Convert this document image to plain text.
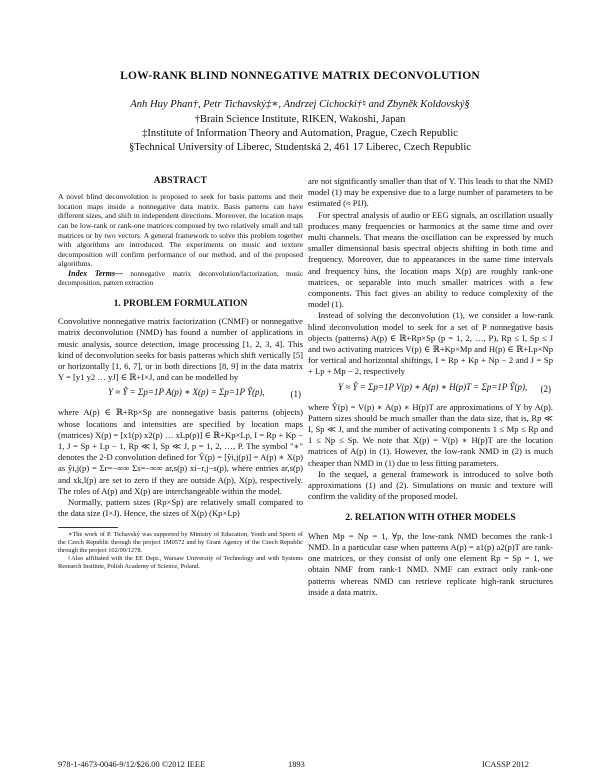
LOW-RANK BLIND NONNEGATIVE MATRIX DECONVOLUTION
Anh Huy Phan†, Petr Tichavský‡∗, Andrzej Cichocki†♮ and Zbyněk Koldovský§
†Brain Science Institute, RIKEN, Wakoshi, Japan
‡Institute of Information Theory and Automation, Prague, Czech Republic
§Technical University of Liberec, Studentská 2, 461 17 Liberec, Czech Republic
ABSTRACT

A novel blind deconvolution is proposed to seek for basis patterns and their location maps inside a nonnegative data matrix. Basis patterns can have different sizes, and shift in independent directions. Moreover, the location maps can be low-rank or rank-one matrices composed by two relatively small and tall matrices or by two vectors. A general framework to solve this problem together with algorithms are introduced. The experiments on music and texture decomposition will confirm performance of our method, and of the proposed algorithms.

Index Terms— nonnegative matrix deconvolution/factorization, music decomposition, pattern extraction

1. PROBLEM FORMULATION

Convolutive nonnegative matrix factorization (CNMF) or nonnegative matrix deconvolution (NMD) has found a number of applications in music analysis, source detection, image processing [1, 2, 3, 4]. This kind of deconvolution seeks for basis patterns which shift vertically [5] or horizontally [1, 6, 7], or in both directions [8, 9] in the data matrix Y = [y1 y2 … yJ] ∈ ℝ+I×J, and can be modelled by

Y ≈ Ŷ = Σp=1P A(p) ∗ X(p) = Σp=1P Ŷ(p),	(1)

where A(p) ∈ ℝ+Rp×Sp are nonnegative basis patterns (objects) whose locations and intensities are specified by location maps (matrices) X(p) = [x1(p) x2(p) … xLp(p)] ∈ ℝ+Kp×Lp, I = Rp + Kp − 1, J = Sp + Lp − 1, Rp ≪ I, Sp ≪ J, p = 1, 2, …, P. The symbol "∗" denotes the 2-D convolution defined for Ŷ(p) = [ŷi,j(p)] = A(p) ∗ X(p) as ŷi,j(p) = Σr=−∞∞ Σs=−∞∞ ar,s(p) xi−r,j−s(p), where entries ar,s(p) and xk,l(p) are set to zero if they are outside A(p), X(p), respectively. The roles of A(p) and X(p) are interchangeable within the model.

Normally, pattern sizes (Rp×Sp) are relatively small compared to the data size (I×J). Hence, the sizes of X(p) (Kp×Lp)

∗The work of P. Tichavský was supported by Ministry of Education, Youth and Sports of the Czech Republic through the project 1M0572 and by Grant Agency of the Czech Republic through the project 102/09/1278.

♮Also affiliated with the EE Dept., Warsaw University of Technology and with Systems Research Institute, Polish Academy of Science, Poland.

are not significantly smaller than that of Y. This leads to that the NMD model (1) may be expensive due to a large number of parameters to be estimated (≈ PIJ).

For spectral analysis of audio or EEG signals, an oscillation usually produces many frequencies or harmonics at the same time and over multi channels. That means the oscillation can be expressed by much smaller dimensional basis spectral objects shifting in both time and frequency. Moreover, due to appearances in the same time intervals and frequency bins, the location maps X(p) are roughly rank-one matrices, or separable into much smaller matrices with a few components. This fact gives an ability to reduce complexity of the model (1).

Instead of solving the deconvolution (1), we consider a low-rank blind deconvolution model to seek for a set of P nonnegative basis objects (patterns) A(p) ∈ ℝ+Rp×Sp (p = 1, 2, …, P), Rp ≤ I, Sp ≤ J and two activating matrices V(p) ∈ ℝ+Kp×Mp and H(p) ∈ ℝ+Lp×Np for vertical and horizontal shiftings, I = Rp + Kp + Np − 2 and J = Sp + Lp + Mp − 2, respectively

Y ≈ Ŷ = Σp=1P V(p) ∗ A(p) ∗ H(p)T = Σp=1P Ŷ(p), (2)

where Ŷ(p) = V(p) ∗ A(p) ∗ H(p)T are approximations of Y by A(p). Pattern sizes should be much smaller than the data size, that is, Rp ≪ I, Sp ≪ J, and the number of activating components 1 ≤ Mp ≤ Rp and 1 ≤ Np ≤ Sp. We note that X(p) = V(p) ∗ H(p)T are the location matrices of A(p) in (1). However, the low-rank NMD in (2) is much cheaper than NMD in (1) due to less fitting parameters.

In the sequel, a general framework is introduced to solve both approximations (1) and (2). Simulations on music and texture will confirm the validity of the proposed model.

2. RELATION WITH OTHER MODELS

When Mp = Np = 1, ∀p, the low-rank NMD becomes the rank-1 NMD. In a particular case when patterns A(p) = a1(p) a2(p)T are rank-one matrices, or they consist of only one element Rp = Sp = 1, we obtain NMF from rank-1 NMD. NMF can extract only rank-one patterns whereas NMD can retrieve replicate high-rank structures inside a data matrix.

978-1-4673-0046-9/12/$26.00 ©2012 IEEE	1893	ICASSP 2012
